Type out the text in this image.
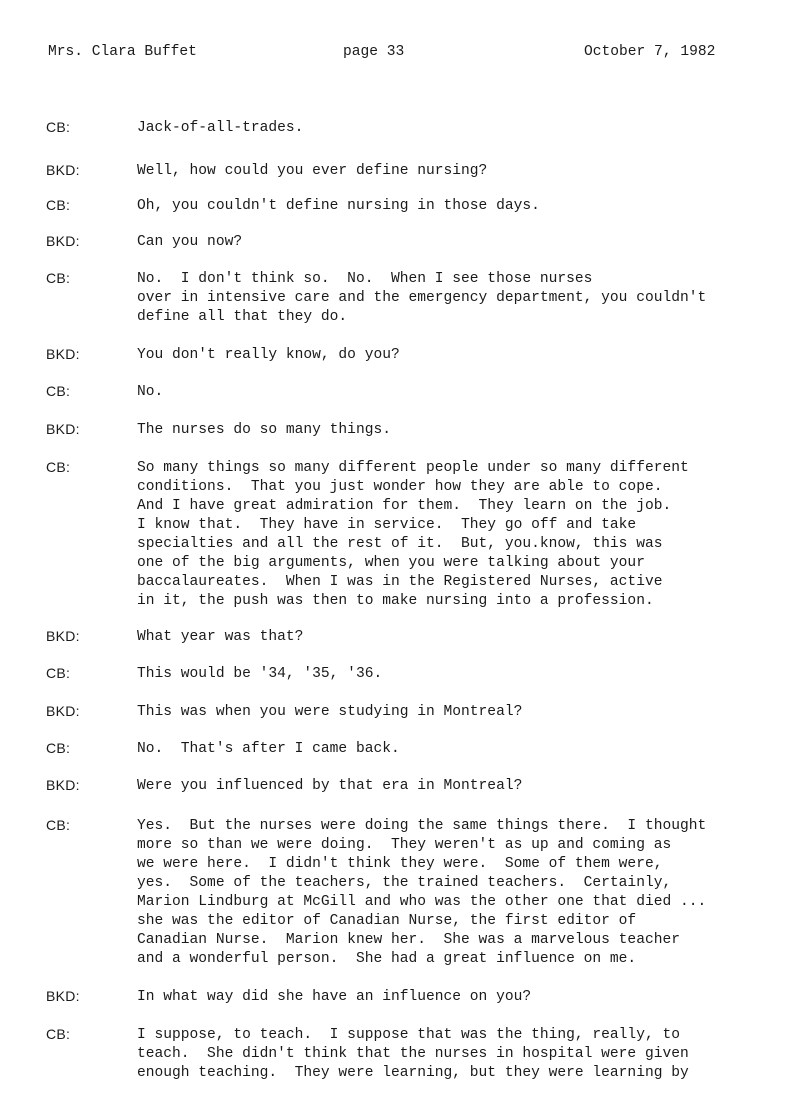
Mrs. Clara Buffet	page 33	October 7, 1982
CB:	Jack-of-all-trades.
BKD:	Well, how could you ever define nursing?
CB:	Oh, you couldn't define nursing in those days.
BKD:	Can you now?
CB:	No.  I don't think so.  No.  When I see those nurses
over in intensive care and the emergency department, you couldn't
define all that they do.
BKD:	You don't really know, do you?
CB:	No.
BKD:	The nurses do so many things.
CB:	So many things so many different people under so many different
conditions.  That you just wonder how they are able to cope.
And I have great admiration for them.  They learn on the job.
I know that.  They have in service.  They go off and take
specialties and all the rest of it.  But, you.know, this was
one of the big arguments, when you were talking about your
baccalaureates.  When I was in the Registered Nurses, active
in it, the push was then to make nursing into a profession.
BKD:	What year was that?
CB:	This would be '34, '35, '36.
BKD:	This was when you were studying in Montreal?
CB:	No.  That's after I came back.
BKD:	Were you influenced by that era in Montreal?
CB:	Yes.  But the nurses were doing the same things there.  I thought
more so than we were doing.  They weren't as up and coming as
we were here.  I didn't think they were.  Some of them were,
yes.  Some of the teachers, the trained teachers.  Certainly,
Marion Lindburg at McGill and who was the other one that died ...
she was the editor of Canadian Nurse, the first editor of
Canadian Nurse.  Marion knew her.  She was a marvelous teacher
and a wonderful person.  She had a great influence on me.
BKD:	In what way did she have an influence on you?
CB:	I suppose, to teach.  I suppose that was the thing, really, to
teach.  She didn't think that the nurses in hospital were given
enough teaching.  They were learning, but they were learning by
